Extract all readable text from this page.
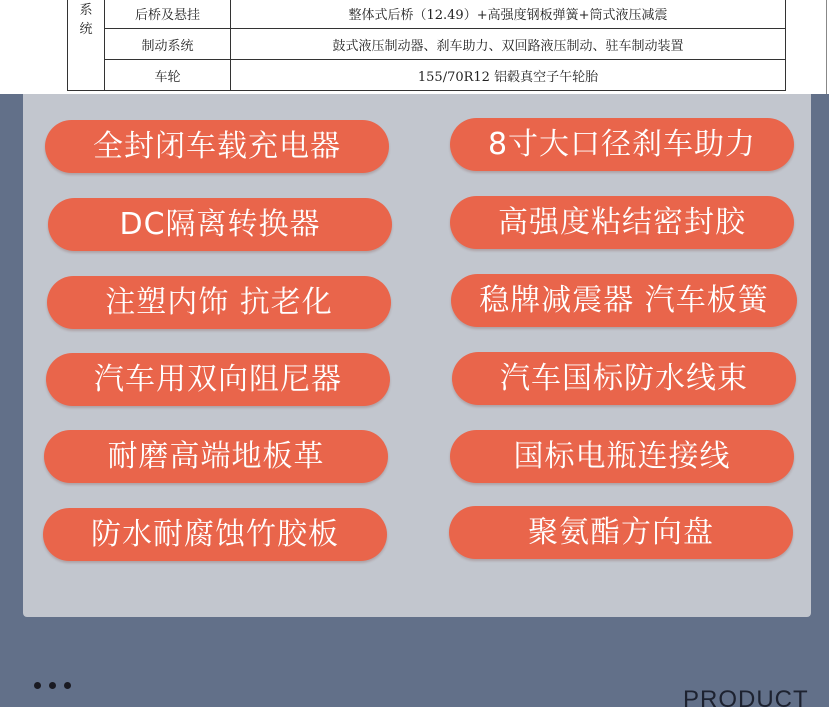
系
统	后桥及悬挂	整体式后桥（12.49）+高强度钢板弹簧+筒式液压减震
	制动系统	鼓式液压制动器、刹车助力、双回路液压制动、驻车制动装置
	车轮	155/70R12 铝毂真空子午轮胎
全封闭车载充电器
DC隔离转换器
注塑内饰 抗老化
汽车用双向阻尼器
耐磨高端地板革
防水耐腐蚀竹胶板
8寸大口径刹车助力
高强度粘结密封胶
稳牌减震器 汽车板簧
汽车国标防水线束
国标电瓶连接线
聚氨酯方向盘
PRODUCT
